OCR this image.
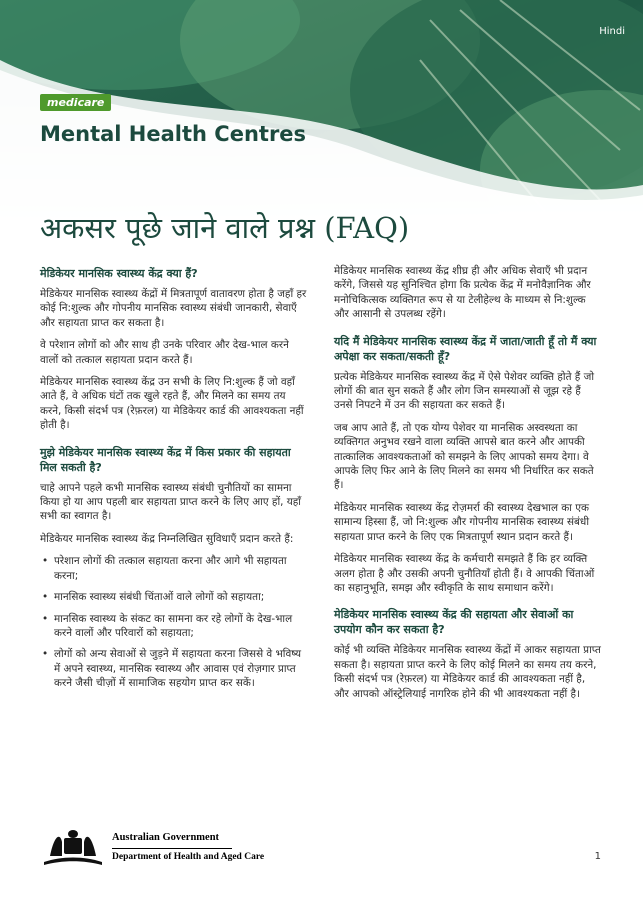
Hindi
medicare
Mental Health Centres
अकसर पूछे जाने वाले प्रश्न (FAQ)
मेडिकेयर मानसिक स्वास्थ्य केंद्र क्या हैं?

मेडिकेयर मानसिक स्वास्थ्य केंद्रों में मित्रतापूर्ण वातावरण होता है जहाँ हर कोई नि:शुल्क और गोपनीय मानसिक स्वास्थ्य संबंधी जानकारी, सेवाएँ और सहायता प्राप्त कर सकता है।

वे परेशान लोगों को और साथ ही उनके परिवार और देख-भाल करने वालों को तत्काल सहायता प्रदान करते हैं।

मेडिकेयर मानसिक स्वास्थ्य केंद्र उन सभी के लिए नि:शुल्क हैं जो वहाँ आते हैं, वे अधिक घंटों तक खुले रहते हैं, और मिलने का समय तय करने, किसी संदर्भ पत्र (रेफ़रल) या मेडिकेयर कार्ड की आवश्यकता नहीं होती है।

मुझे मेडिकेयर मानसिक स्वास्थ्य केंद्र में किस प्रकार की सहायता मिल सकती है?

चाहे आपने पहले कभी मानसिक स्वास्थ्य संबंधी चुनौतियों का सामना किया हो या आप पहली बार सहायता प्राप्त करने के लिए आए हों, यहाँ सभी का स्वागत है।

मेडिकेयर मानसिक स्वास्थ्य केंद्र निम्नलिखित सुविधाएँ प्रदान करते हैं:

• परेशान लोगों की तत्काल सहायता करना और आगे भी सहायता करना;
• मानसिक स्वास्थ्य संबंधी चिंताओं वाले लोगों को सहायता;
• मानसिक स्वास्थ्य के संकट का सामना कर रहे लोगों के देख-भाल करने वालों और परिवारों को सहायता;
• लोगों को अन्य सेवाओं से जुड़ने में सहायता करना जिससे वे भविष्य में अपने स्वास्थ्य, मानसिक स्वास्थ्य और आवास एवं रोज़गार प्राप्त करने जैसी चीज़ों में सामाजिक सहयोग प्राप्त कर सकें।

मेडिकेयर मानसिक स्वास्थ्य केंद्र शीघ्र ही और अधिक सेवाएँ भी प्रदान करेंगे, जिससे यह सुनिश्चित होगा कि प्रत्येक केंद्र में मनोवैज्ञानिक और मनोचिकित्सक व्यक्तिगत रूप से या टेलीहेल्थ के माध्यम से नि:शुल्क और आसानी से उपलब्ध रहेंगे।

यदि मैं मेडिकेयर मानसिक स्वास्थ्य केंद्र में जाता/जाती हूँ तो मैं क्या अपेक्षा कर सकता/सकती हूँ?

प्रत्येक मेडिकेयर मानसिक स्वास्थ्य केंद्र में ऐसे पेशेवर व्यक्ति होते हैं जो लोगों की बात सुन सकते हैं और लोग जिन समस्याओं से जूझ रहे हैं उनसे निपटने में उन की सहायता कर सकते हैं।

जब आप आते हैं, तो एक योग्य पेशेवर या मानसिक अस्वस्थता का व्यक्तिगत अनुभव रखने वाला व्यक्ति आपसे बात करने और आपकी तात्कालिक आवश्यकताओं को समझने के लिए आपको समय देगा। वे आपके लिए फिर आने के लिए मिलने का समय भी निर्धारित कर सकते हैं।

मेडिकेयर मानसिक स्वास्थ्य केंद्र रोज़मर्रा की स्वास्थ्य देखभाल का एक सामान्य हिस्सा हैं, जो नि:शुल्क और गोपनीय मानसिक स्वास्थ्य संबंधी सहायता प्राप्त करने के लिए एक मित्रतापूर्ण स्थान प्रदान करते हैं।

मेडिकेयर मानसिक स्वास्थ्य केंद्र के कर्मचारी समझते हैं कि हर व्यक्ति अलग होता है और उसकी अपनी चुनौतियाँ होती हैं। वे आपकी चिंताओं का सहानुभूति, समझ और स्वीकृति के साथ समाधान करेंगे।

मेडिकेयर मानसिक स्वास्थ्य केंद्र की सहायता और सेवाओं का उपयोग कौन कर सकता है?

कोई भी व्यक्ति मेडिकेयर मानसिक स्वास्थ्य केंद्रों में आकर सहायता प्राप्त सकता है। सहायता प्राप्त करने के लिए कोई मिलने का समय तय करने, किसी संदर्भ पत्र (रेफ़रल) या मेडिकेयर कार्ड की आवश्यकता नहीं है, और आपको ऑस्ट्रेलियाई नागरिक होने की भी आवश्यकता नहीं है।

Australian Government
Department of Health and Aged Care	1
